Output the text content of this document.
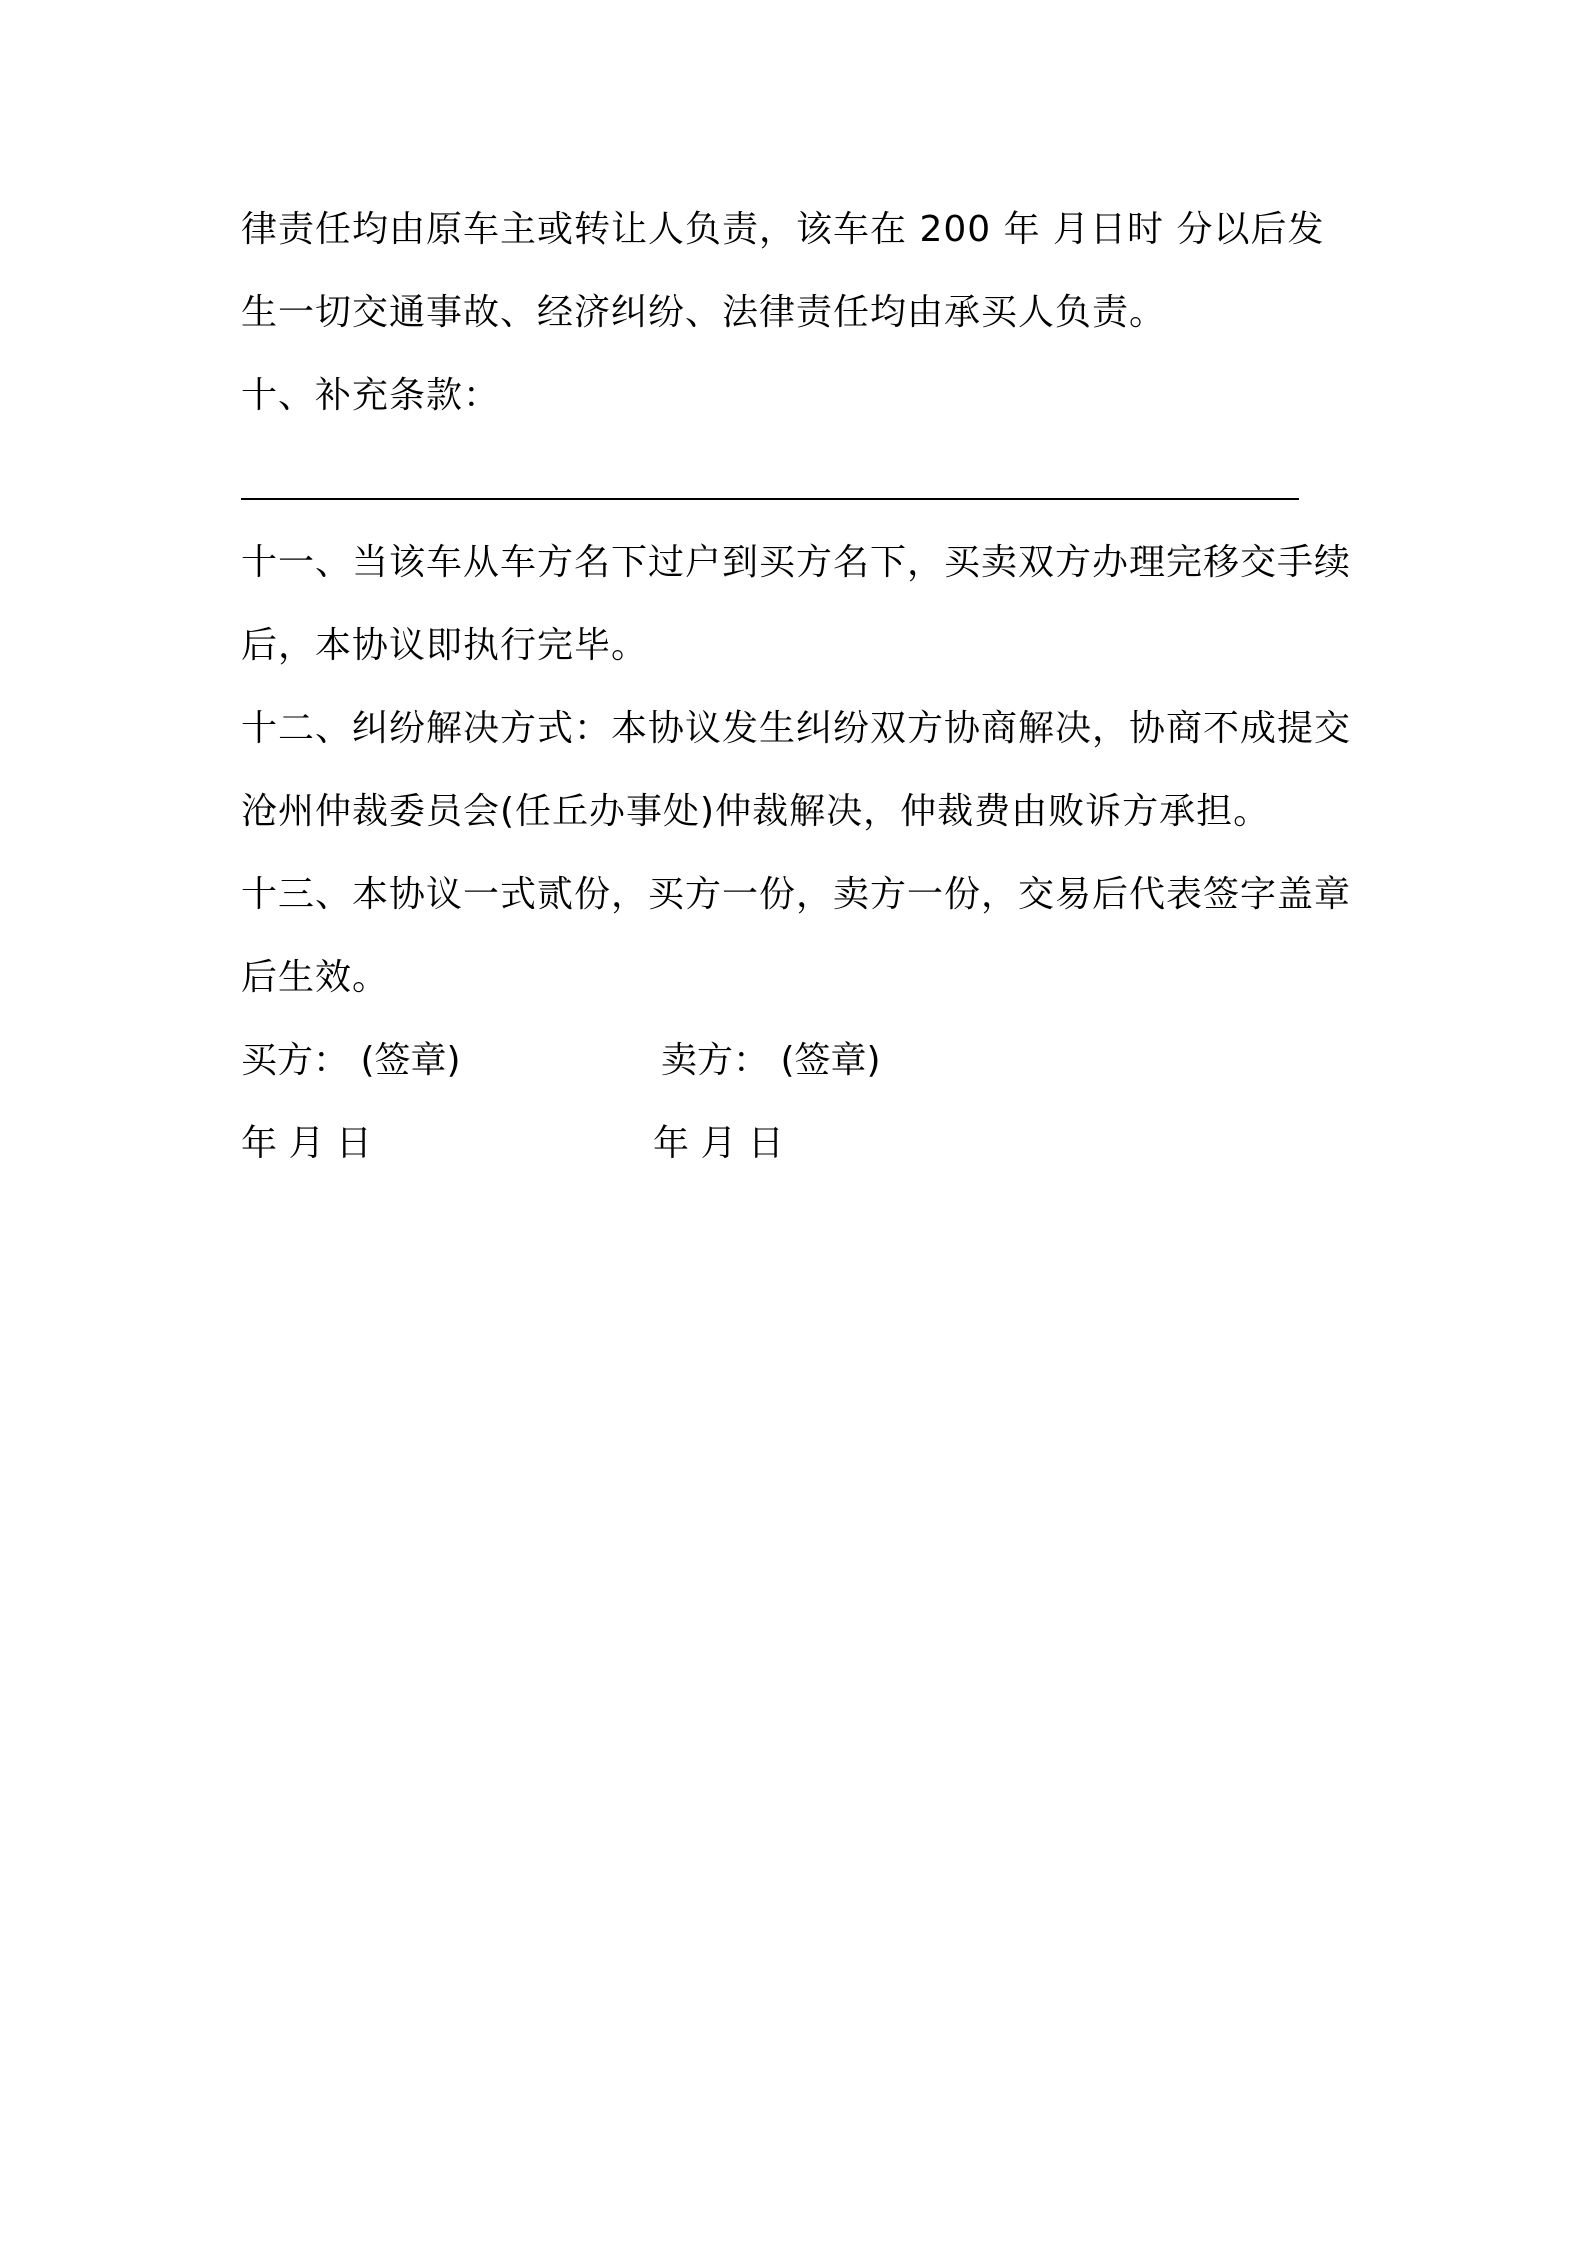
律责任均由原车主或转让人负责，该车在 200 年 月日时 分以后发
生一切交通事故、经济纠纷、法律责任均由承买人负责。
十、补充条款：
十一、当该车从车方名下过户到买方名下，买卖双方办理完移交手续
后，本协议即执行完毕。
十二、纠纷解决方式：本协议发生纠纷双方协商解决，协商不成提交
沧州仲裁委员会(任丘办事处)仲裁解决，仲裁费由败诉方承担。
十三、本协议一式贰份，买方一份，卖方一份，交易后代表签字盖章
后生效。
买方： (签章)	卖方： (签章)
年 月 日	年 月 日
